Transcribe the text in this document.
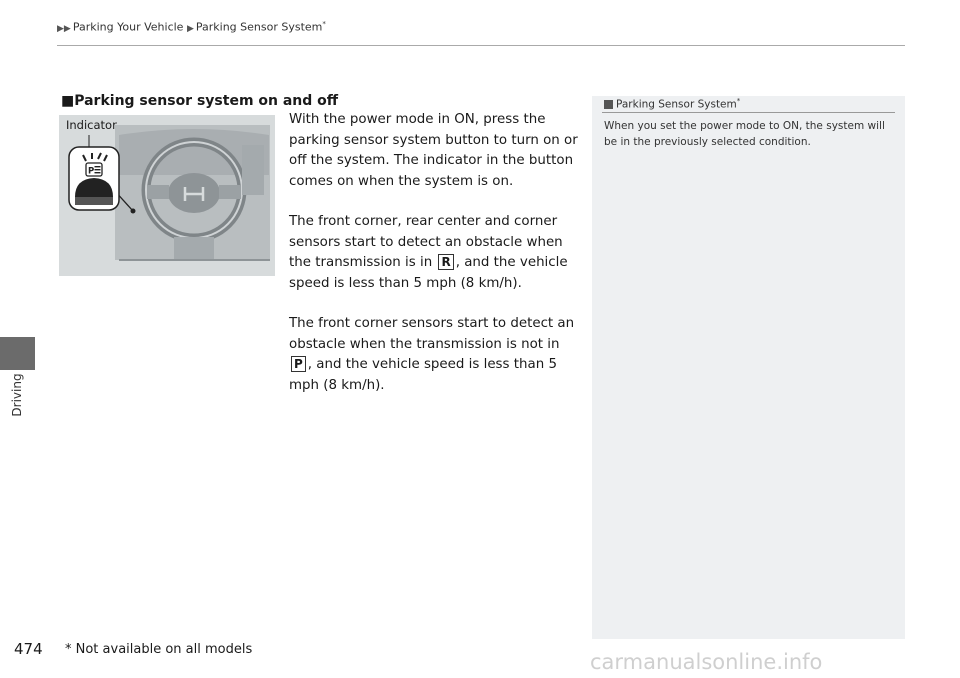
▶▶ Parking Your Vehicle ▶ Parking Sensor System*
Driving
■Parking sensor system on and off
P
Indicator	With the power mode in ON, press the parking sensor system button to turn on or off the system. The indicator in the button comes on when the system is on.

The front corner, rear center and corner sensors start to detect an obstacle when the transmission is in R , and the vehicle speed is less than 5 mph (8 km/h).

The front corner sensors start to detect an obstacle when the transmission is not in P , and the vehicle speed is less than 5 mph (8 km/h).

Parking Sensor System*
When you set the power mode to ON, the system will be in the previously selected condition.
474 * Not available on all models
carmanualsonline.info
